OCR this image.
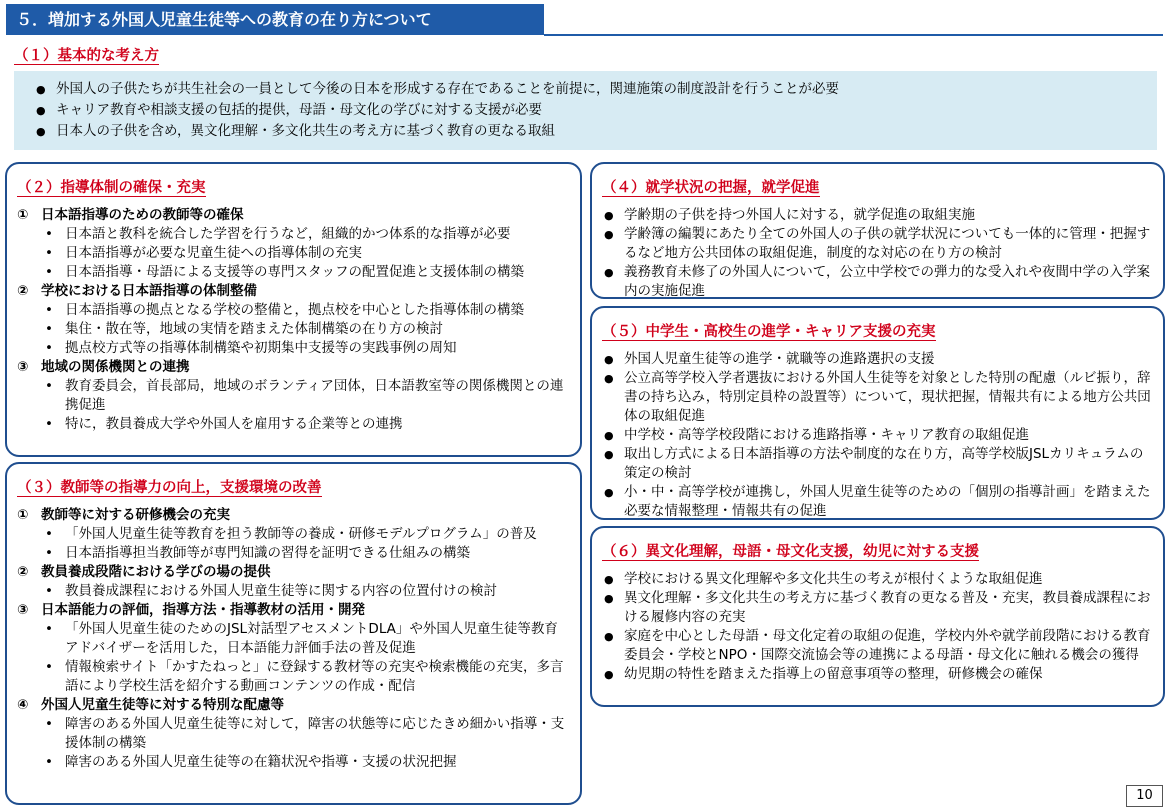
５．増加する外国人児童生徒等への教育の在り方について
（１）基本的な考え方
● 外国人の子供たちが共生社会の一員として今後の日本を形成する存在であることを前提に，関連施策の制度設計を行うことが必要
● キャリア教育や相談支援の包括的提供，母語・母文化の学びに対する支援が必要
● 日本人の子供を含め，異文化理解・多文化共生の考え方に基づく教育の更なる取組
（２）指導体制の確保・充実
① 日本語指導のための教師等の確保
• 日本語と教科を統合した学習を行うなど，組織的かつ体系的な指導が必要
• 日本語指導が必要な児童生徒への指導体制の充実
• 日本語指導・母語による支援等の専門スタッフの配置促進と支援体制の構築
② 学校における日本語指導の体制整備
• 日本語指導の拠点となる学校の整備と，拠点校を中心とした指導体制の構築
• 集住・散在等，地域の実情を踏まえた体制構築の在り方の検討
• 拠点校方式等の指導体制構築や初期集中支援等の実践事例の周知
③ 地域の関係機関との連携
• 教育委員会，首長部局，地域のボランティア団体，日本語教室等の関係機関との連携促進
• 特に，教員養成大学や外国人を雇用する企業等との連携
（３）教師等の指導力の向上，支援環境の改善
① 教師等に対する研修機会の充実
• 「外国人児童生徒等教育を担う教師等の養成・研修モデルプログラム」の普及
• 日本語指導担当教師等が専門知識の習得を証明できる仕組みの構築
② 教員養成段階における学びの場の提供
• 教員養成課程における外国人児童生徒等に関する内容の位置付けの検討
③ 日本語能力の評価，指導方法・指導教材の活用・開発
• 「外国人児童生徒のためのJSL対話型アセスメントDLA」や外国人児童生徒等教育アドバイザーを活用した，日本語能力評価手法の普及促進
• 情報検索サイト「かすたねっと」に登録する教材等の充実や検索機能の充実，多言語により学校生活を紹介する動画コンテンツの作成・配信
④ 外国人児童生徒等に対する特別な配慮等
• 障害のある外国人児童生徒等に対して，障害の状態等に応じたきめ細かい指導・支援体制の構築
• 障害のある外国人児童生徒等の在籍状況や指導・支援の状況把握
（４）就学状況の把握，就学促進
● 学齢期の子供を持つ外国人に対する，就学促進の取組実施
● 学齢簿の編製にあたり全ての外国人の子供の就学状況についても一体的に管理・把握するなど地方公共団体の取組促進，制度的な対応の在り方の検討
● 義務教育未修了の外国人について，公立中学校での弾力的な受入れや夜間中学の入学案内の実施促進
（５）中学生・高校生の進学・キャリア支援の充実
● 外国人児童生徒等の進学・就職等の進路選択の支援
● 公立高等学校入学者選抜における外国人生徒等を対象とした特別の配慮（ルビ振り，辞書の持ち込み，特別定員枠の設置等）について，現状把握，情報共有による地方公共団体の取組促進
● 中学校・高等学校段階における進路指導・キャリア教育の取組促進
● 取出し方式による日本語指導の方法や制度的な在り方，高等学校版JSLカリキュラムの策定の検討
● 小・中・高等学校が連携し，外国人児童生徒等のための「個別の指導計画」を踏まえた必要な情報整理・情報共有の促進
（６）異文化理解，母語・母文化支援，幼児に対する支援
● 学校における異文化理解や多文化共生の考えが根付くような取組促進
● 異文化理解・多文化共生の考え方に基づく教育の更なる普及・充実，教員養成課程における履修内容の充実
● 家庭を中心とした母語・母文化定着の取組の促進，学校内外や就学前段階における教育委員会・学校とNPO・国際交流協会等の連携による母語・母文化に触れる機会の獲得
● 幼児期の特性を踏まえた指導上の留意事項等の整理，研修機会の確保
10
